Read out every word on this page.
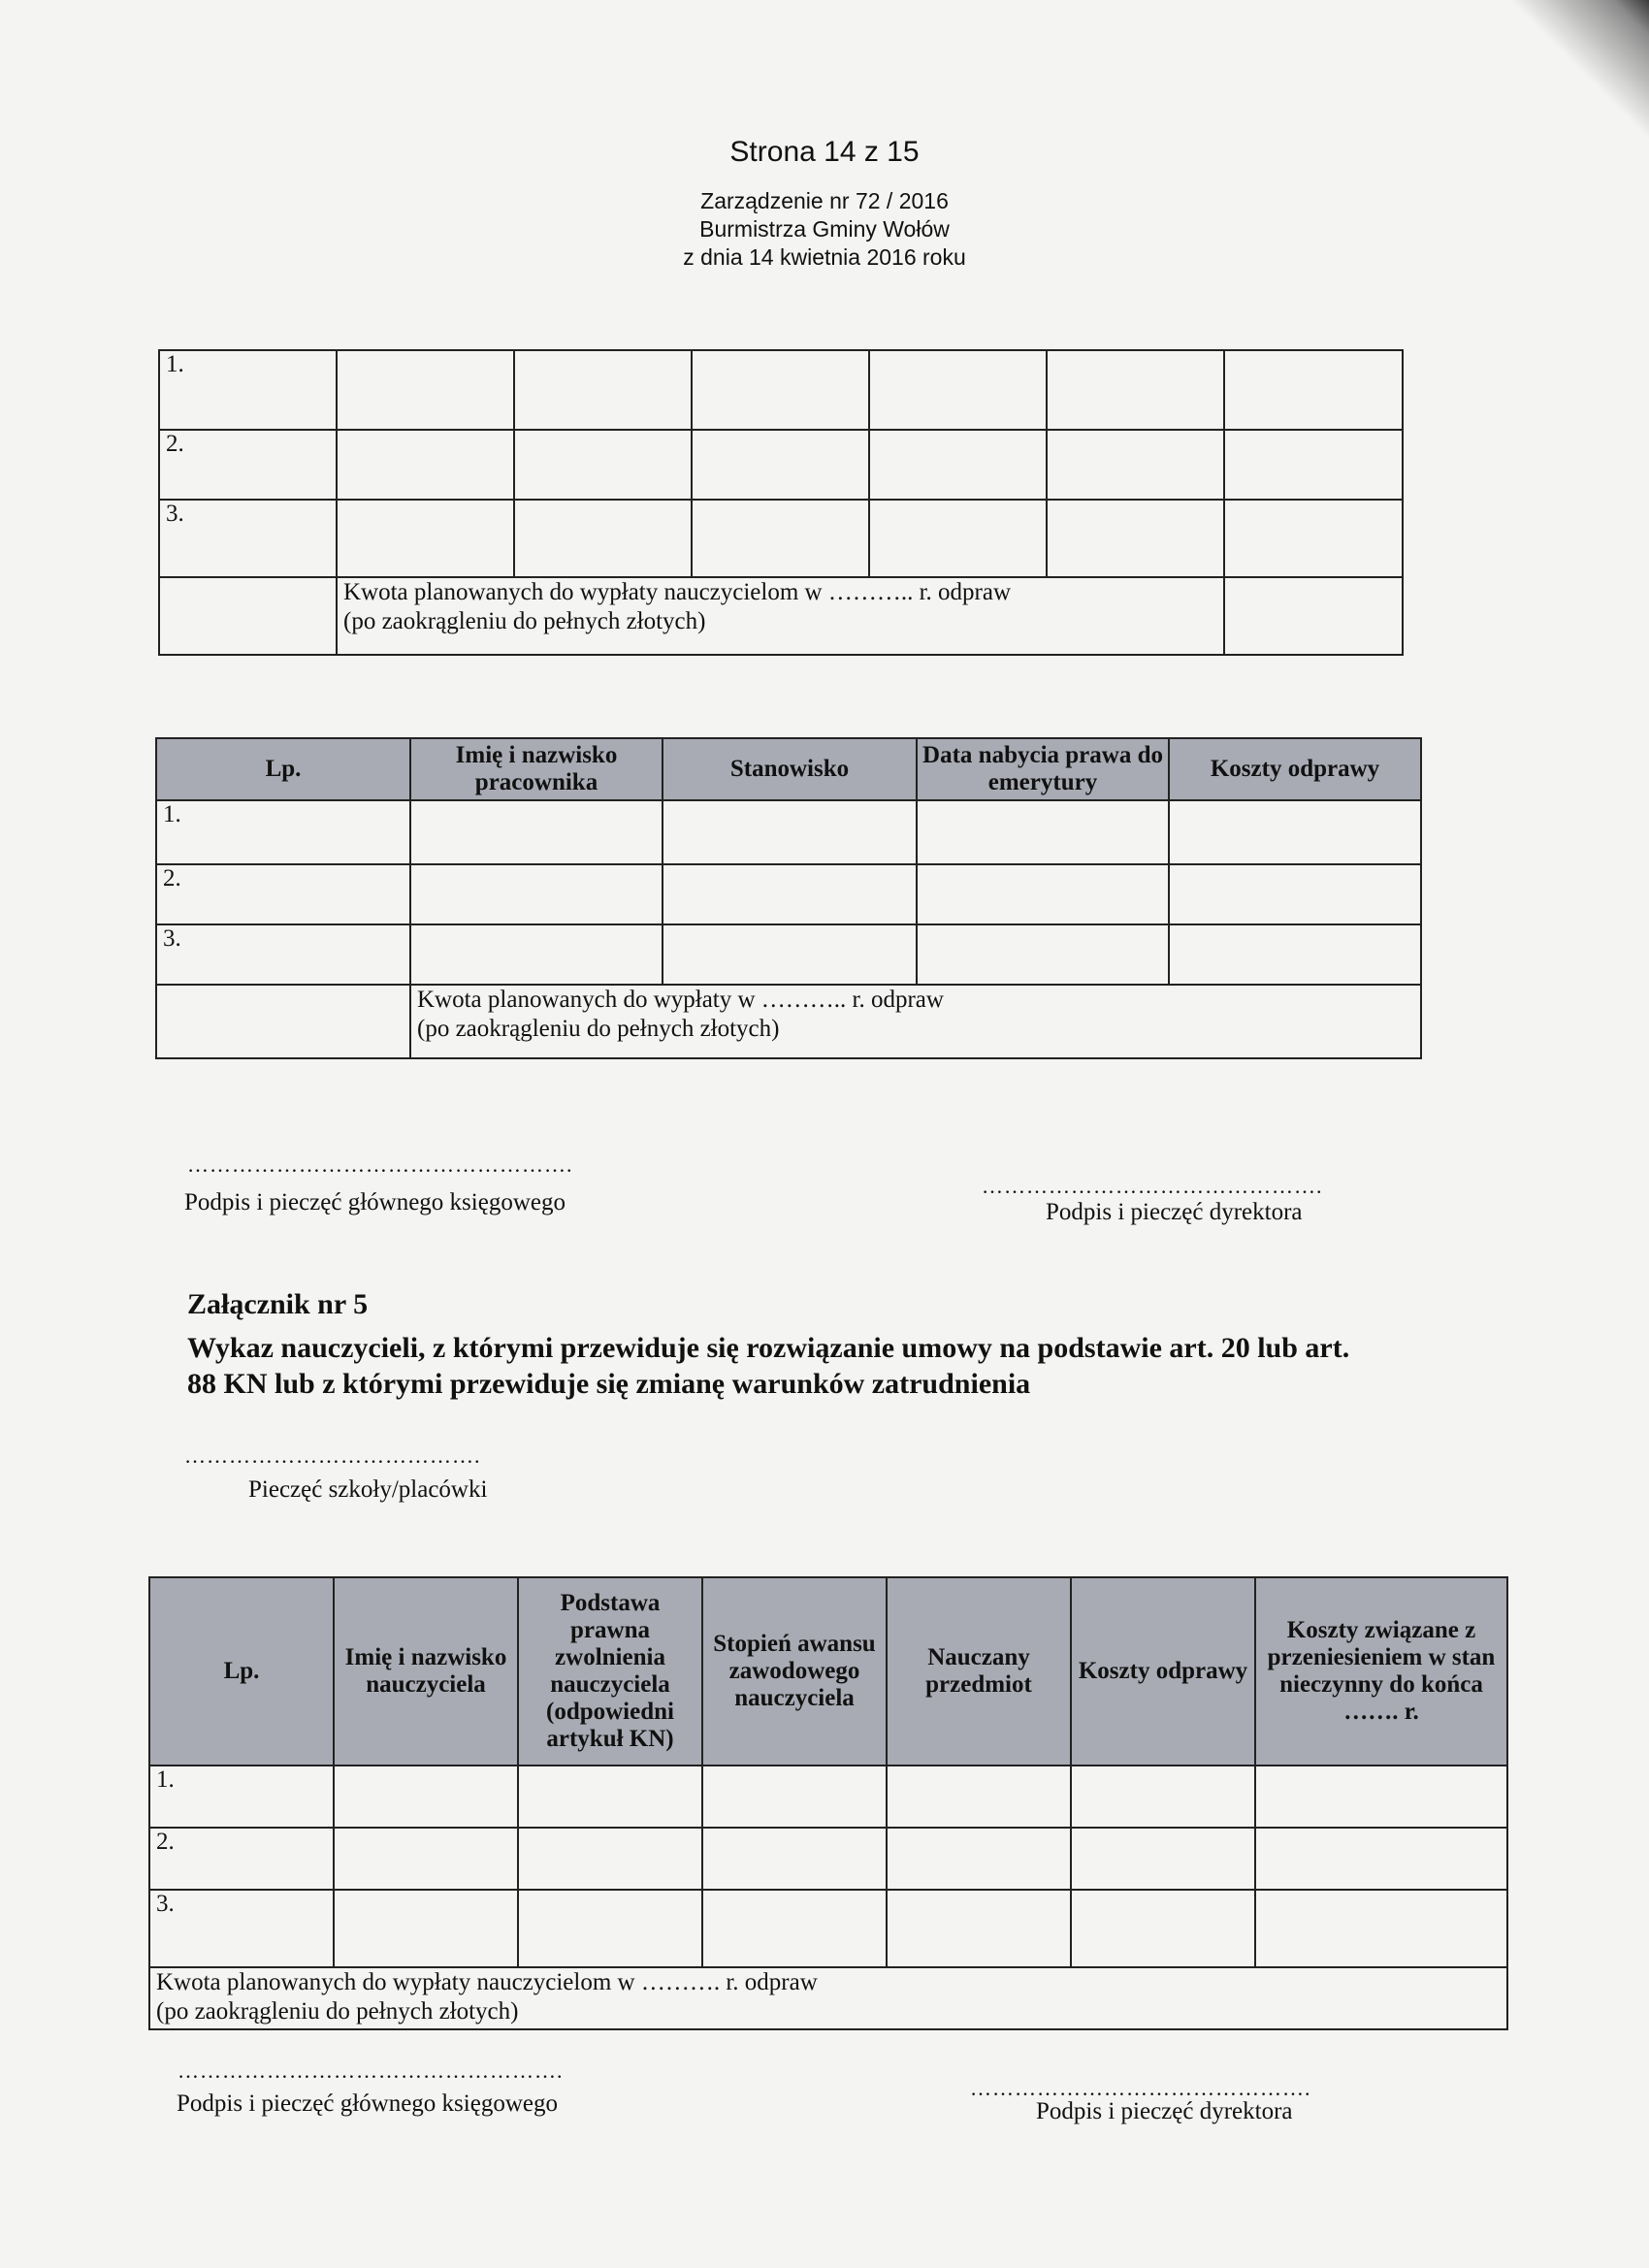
Strona 14 z 15
Zarządzenie nr 72 / 2016
Burmistrza Gminy Wołów
z dnia 14 kwietnia 2016 roku
1.						
2.						
3.						

	Kwota planowanych do wypłaty nauczycielom w ……….. r. odpraw
(po zaokrągleniu do pełnych złotych)					

Lp.	Imię i nazwisko pracownika	Stanowisko	Data nabycia prawa do emerytury	Koszty odprawy
1.				
2.				
3.				

	Kwota planowanych do wypłaty w ……….. r. odpraw
(po zaokrągleniu do pełnych złotych)			
…………………………………………….
Podpis i pieczęć głównego księgowego
……………………………………….
Podpis i pieczęć dyrektora
Załącznik nr 5
Wykaz nauczycieli, z którymi przewiduje się rozwiązanie umowy na podstawie art. 20 lub art.
88 KN lub z którymi przewiduje się zmianę warunków zatrudnienia
………………………………….
Pieczęć szkoły/placówki
Lp.	Imię i nazwisko nauczyciela	Podstawa prawna zwolnienia nauczyciela (odpowiedni artykuł KN)	Stopień awansu zawodowego nauczyciela	Nauczany przedmiot	Koszty odprawy	Koszty związane z przeniesieniem w stan nieczynny do końca ……. r.
1.						
2.						
3.						

Kwota planowanych do wypłaty nauczycielom w ………. r. odpraw
(po zaokrągleniu do pełnych złotych)						
…………………………………………….
Podpis i pieczęć głównego księgowego
……………………………………….
Podpis i pieczęć dyrektora
